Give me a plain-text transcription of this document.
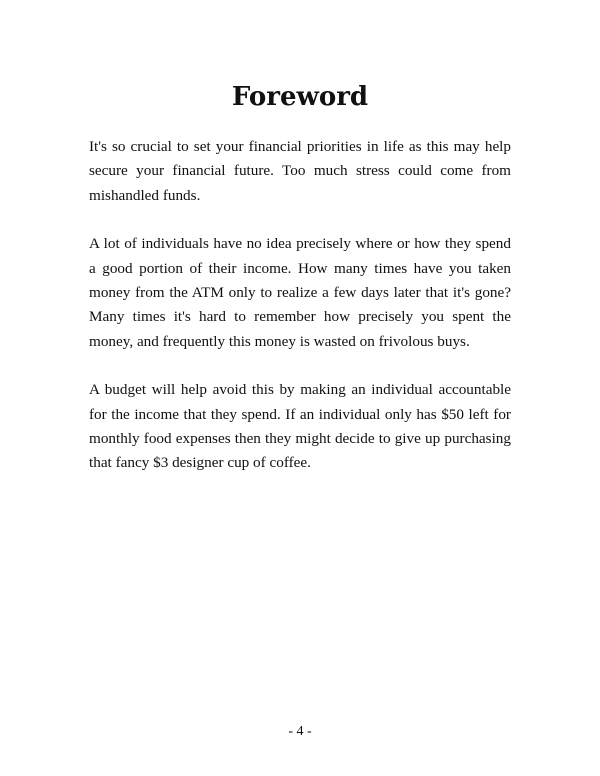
Foreword

It's so crucial to set your financial priorities in life as this may help secure your financial future. Too much stress could come from mishandled funds.

A lot of individuals have no idea precisely where or how they spend a good portion of their income. How many times have you taken money from the ATM only to realize a few days later that it's gone? Many times it's hard to remember how precisely you spent the money, and frequently this money is wasted on frivolous buys.

A budget will help avoid this by making an individual accountable for the income that they spend. If an individual only has $50 left for monthly food expenses then they might decide to give up purchasing that fancy $3 designer cup of coffee.

- 4 -
